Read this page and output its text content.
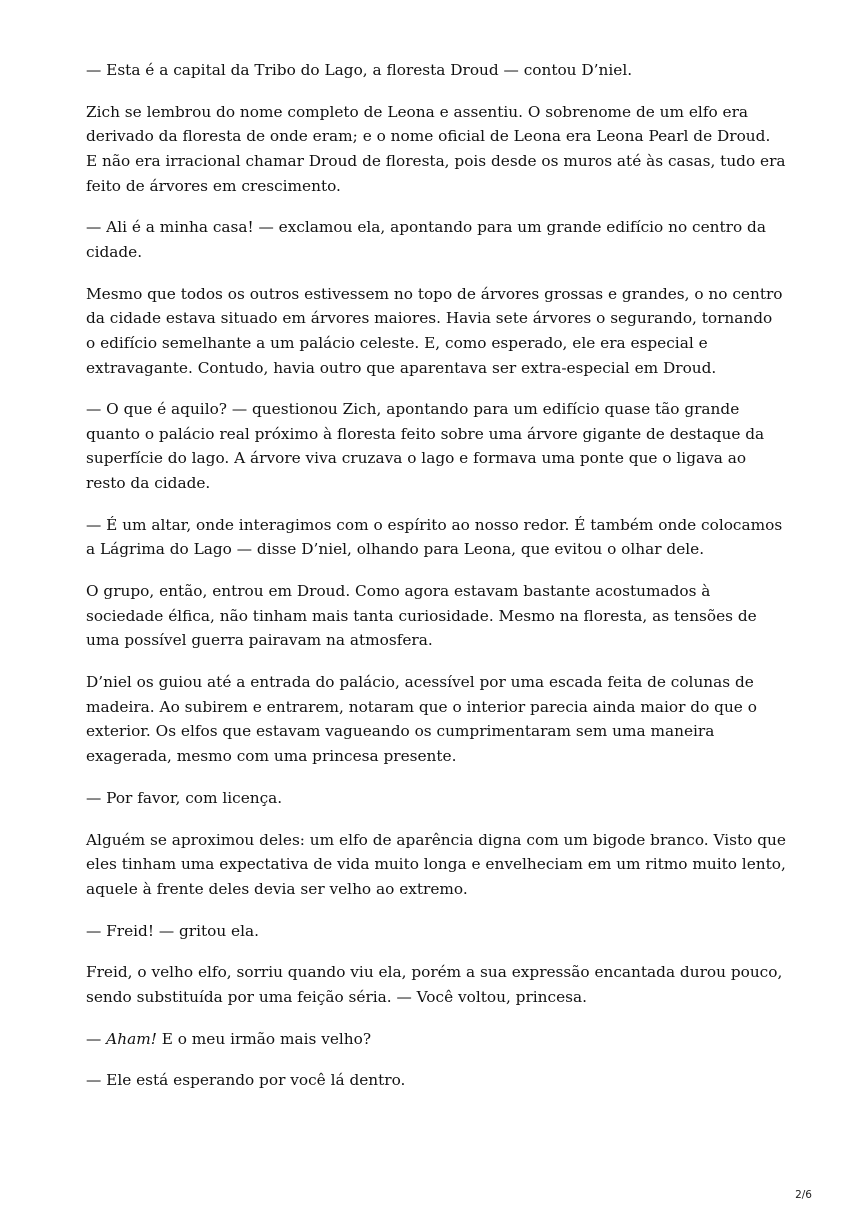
— Esta é a capital da Tribo do Lago, a floresta Droud — contou D’niel.

Zich se lembrou do nome completo de Leona e assentiu. O sobrenome de um elfo era derivado da floresta de onde eram; e o nome oficial de Leona era Leona Pearl de Droud. E não era irracional chamar Droud de floresta, pois desde os muros até às casas, tudo era feito de árvores em crescimento.

— Ali é a minha casa! — exclamou ela, apontando para um grande edifício no centro da cidade.

Mesmo que todos os outros estivessem no topo de árvores grossas e grandes, o no centro da cidade estava situado em árvores maiores. Havia sete árvores o segurando, tornando o edifício semelhante a um palácio celeste. E, como esperado, ele era especial e extravagante. Contudo, havia outro que aparentava ser extra-especial em Droud.

— O que é aquilo? — questionou Zich, apontando para um edifício quase tão grande quanto o palácio real próximo à floresta feito sobre uma árvore gigante de destaque da superfície do lago. A árvore viva cruzava o lago e formava uma ponte que o ligava ao resto da cidade.

— É um altar, onde interagimos com o espírito ao nosso redor. É também onde colocamos a Lágrima do Lago — disse D’niel, olhando para Leona, que evitou o olhar dele.

O grupo, então, entrou em Droud. Como agora estavam bastante acostumados à sociedade élfica, não tinham mais tanta curiosidade. Mesmo na floresta, as tensões de uma possível guerra pairavam na atmosfera.

D’niel os guiou até a entrada do palácio, acessível por uma escada feita de colunas de madeira. Ao subirem e entrarem, notaram que o interior parecia ainda maior do que o exterior. Os elfos que estavam vagueando os cumprimentaram sem uma maneira exagerada, mesmo com uma princesa presente.

— Por favor, com licença.

Alguém se aproximou deles: um elfo de aparência digna com um bigode branco. Visto que eles tinham uma expectativa de vida muito longa e envelheciam em um ritmo muito lento, aquele à frente deles devia ser velho ao extremo.

— Freid! — gritou ela.

Freid, o velho elfo, sorriu quando viu ela, porém a sua expressão encantada durou pouco, sendo substituída por uma feição séria. — Você voltou, princesa.

— Aham! E o meu irmão mais velho?

— Ele está esperando por você lá dentro.

2/6
